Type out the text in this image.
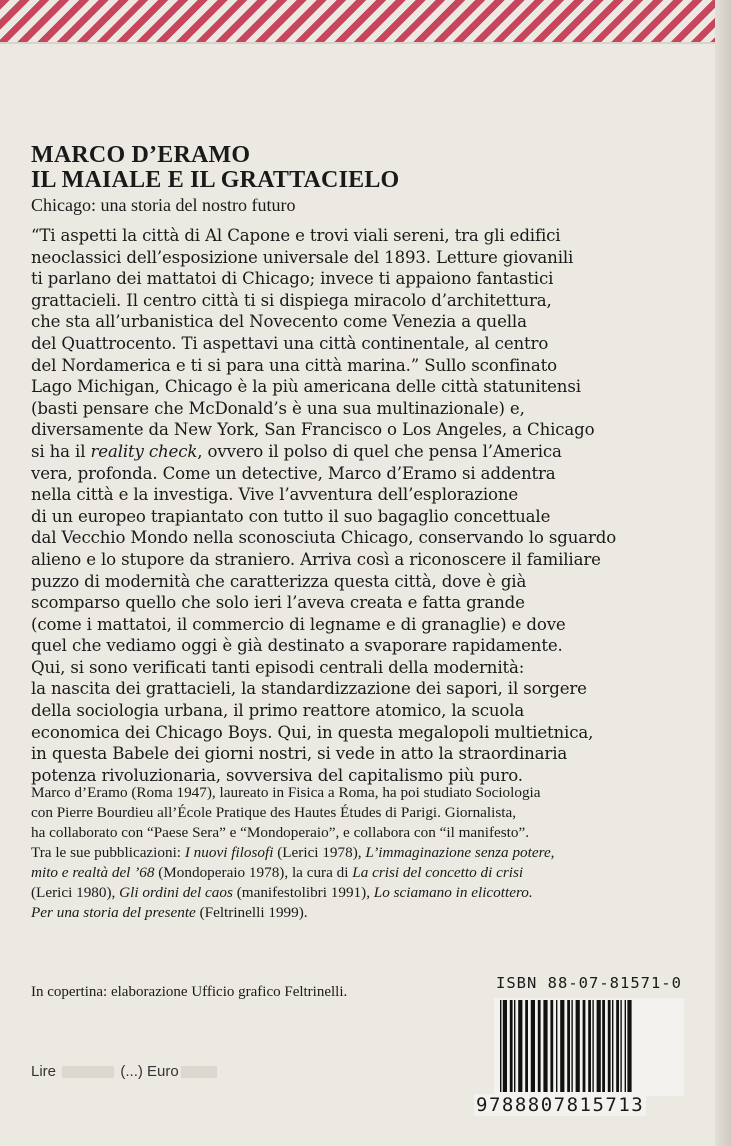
MARCO D’ERAMO
IL MAIALE E IL GRATTACIELO
Chicago: una storia del nostro futuro
“Ti aspetti la città di Al Capone e trovi viali sereni, tra gli edifici
neoclassici dell’esposizione universale del 1893. Letture giovanili
ti parlano dei mattatoi di Chicago; invece ti appaiono fantastici
grattacieli. Il centro città ti si dispiega miracolo d’architettura,
che sta all’urbanistica del Novecento come Venezia a quella
del Quattrocento. Ti aspettavi una città continentale, al centro
del Nordamerica e ti si para una città marina.” Sullo sconfinato
Lago Michigan, Chicago è la più americana delle città statunitensi
(basti pensare che McDonald’s è una sua multinazionale) e,
diversamente da New York, San Francisco o Los Angeles, a Chicago
si ha il reality check, ovvero il polso di quel che pensa l’America
vera, profonda. Come un detective, Marco d’Eramo si addentra
nella città e la investiga. Vive l’avventura dell’esplorazione
di un europeo trapiantato con tutto il suo bagaglio concettuale
dal Vecchio Mondo nella sconosciuta Chicago, conservando lo sguardo
alieno e lo stupore da straniero. Arriva così a riconoscere il familiare
puzzo di modernità che caratterizza questa città, dove è già
scomparso quello che solo ieri l’aveva creata e fatta grande
(come i mattatoi, il commercio di legname e di granaglie) e dove
quel che vediamo oggi è già destinato a svaporare rapidamente.
Qui, si sono verificati tanti episodi centrali della modernità:
la nascita dei grattacieli, la standardizzazione dei sapori, il sorgere
della sociologia urbana, il primo reattore atomico, la scuola
economica dei Chicago Boys. Qui, in questa megalopoli multietnica,
in questa Babele dei giorni nostri, si vede in atto la straordinaria
potenza rivoluzionaria, sovversiva del capitalismo più puro.
Marco d’Eramo (Roma 1947), laureato in Fisica a Roma, ha poi studiato Sociologia
con Pierre Bourdieu all’École Pratique des Hautes Études di Parigi. Giornalista,
ha collaborato con “Paese Sera” e “Mondoperaio”, e collabora con “il manifesto”.
Tra le sue pubblicazioni: I nuovi filosofi (Lerici 1978), L’immaginazione senza potere,
mito e realtà del ’68 (Mondoperaio 1978), la cura di La crisi del concetto di crisi
(Lerici 1980), Gli ordini del caos (manifestolibri 1991), Lo sciamano in elicottero.
Per una storia del presente (Feltrinelli 1999).
In copertina: elaborazione Ufficio grafico Feltrinelli.
Lire	(...) Euro
ISBN 88-07-81571-0
9788807815713
